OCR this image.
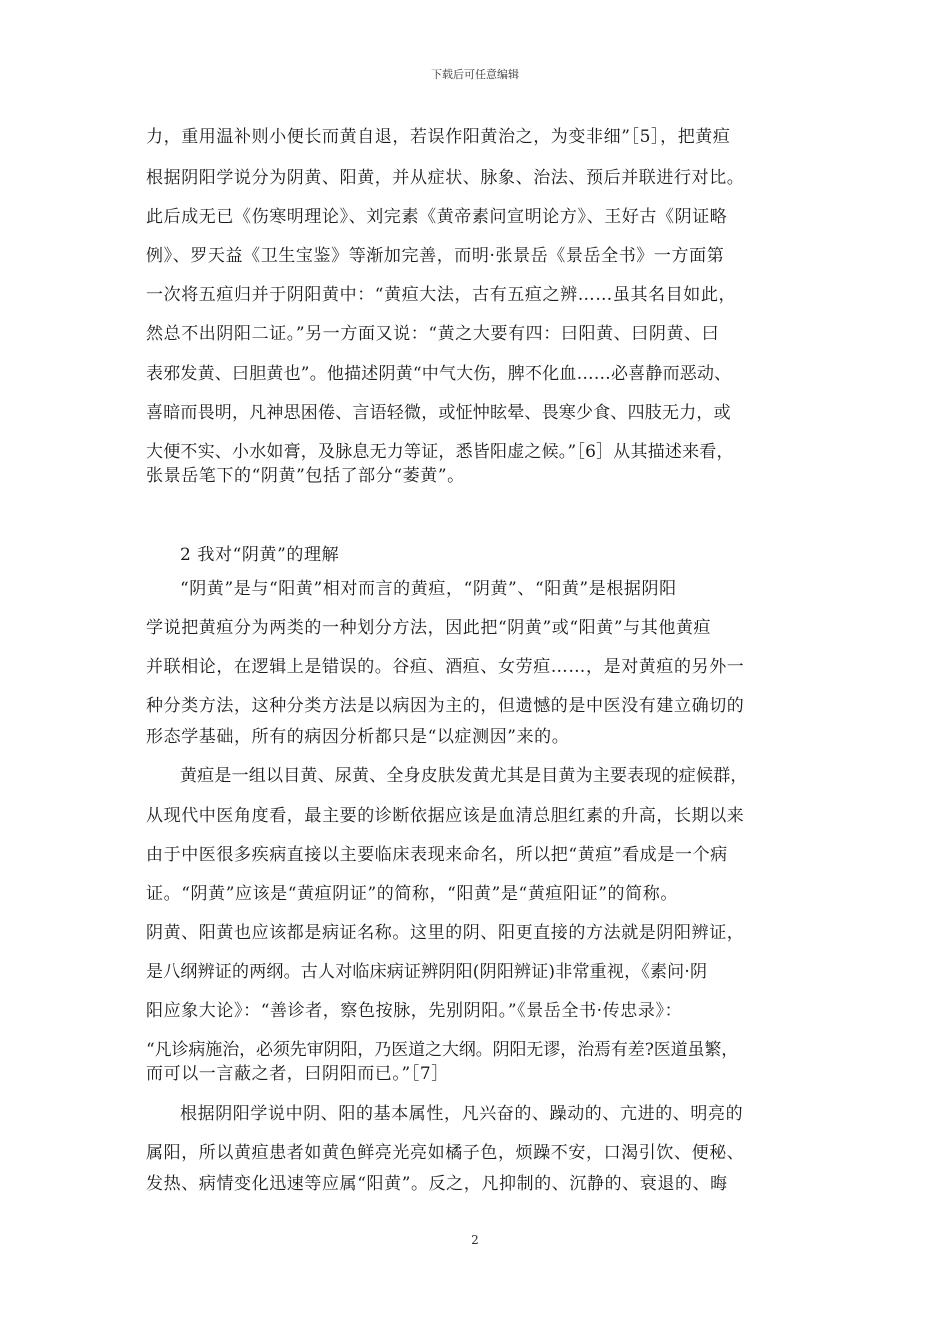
下载后可任意编辑
力，重用温补则小便长而黄自退，若误作阳黄治之，为变非细”［5］，把黄疸
根据阴阳学说分为阴黄、阳黄，并从症状、脉象、治法、预后并联进行对比。
此后成无已《伤寒明理论》、刘完素《黄帝素问宣明论方》、王好古《阴证略
例》、罗天益《卫生宝鉴》等渐加完善，而明·张景岳《景岳全书》一方面第
一次将五疸归并于阴阳黄中：“黄疸大法，古有五疸之辨……虽其名目如此，
然总不出阴阳二证。”另一方面又说：“黄之大要有四：曰阳黄、曰阴黄、曰
表邪发黄、曰胆黄也”。他描述阴黄“中气大伤，脾不化血……必喜静而恶动、
喜暗而畏明，凡神思困倦、言语轻微，或怔忡眩晕、畏寒少食、四肢无力，或
大便不实、小水如膏，及脉息无力等证，悉皆阳虚之候。”［6］从其描述来看，
张景岳笔下的“阴黄”包括了部分“萎黄”。
2 我对“阴黄”的理解
“阴黄”是与“阳黄”相对而言的黄疸，“阴黄”、“阳黄”是根据阴阳
学说把黄疸分为两类的一种划分方法，因此把“阴黄”或“阳黄”与其他黄疸
并联相论，在逻辑上是错误的。谷疸、酒疸、女劳疸……，是对黄疸的另外一
种分类方法，这种分类方法是以病因为主的，但遗憾的是中医没有建立确切的
形态学基础，所有的病因分析都只是“以症测因”来的。
黄疸是一组以目黄、尿黄、全身皮肤发黄尤其是目黄为主要表现的症候群，
从现代中医角度看，最主要的诊断依据应该是血清总胆红素的升高，长期以来
由于中医很多疾病直接以主要临床表现来命名，所以把“黄疸”看成是一个病
证。“阴黄”应该是“黄疸阴证”的简称，“阳黄”是“黄疸阳证”的简称。
阴黄、阳黄也应该都是病证名称。这里的阴、阳更直接的方法就是阴阳辨证，
是八纲辨证的两纲。古人对临床病证辨阴阳(阴阳辨证)非常重视，《素问·阴
阳应象大论》：“善诊者，察色按脉，先别阴阳。”《景岳全书·传忠录》：
“凡诊病施治，必须先审阴阳，乃医道之大纲。阴阳无谬，治焉有差?医道虽繁，
而可以一言蔽之者，曰阴阳而已。”［7］
根据阴阳学说中阴、阳的基本属性，凡兴奋的、躁动的、亢进的、明亮的
属阳，所以黄疸患者如黄色鲜亮光亮如橘子色，烦躁不安，口渴引饮、便秘、
发热、病情变化迅速等应属“阳黄”。反之，凡抑制的、沉静的、衰退的、晦
2
